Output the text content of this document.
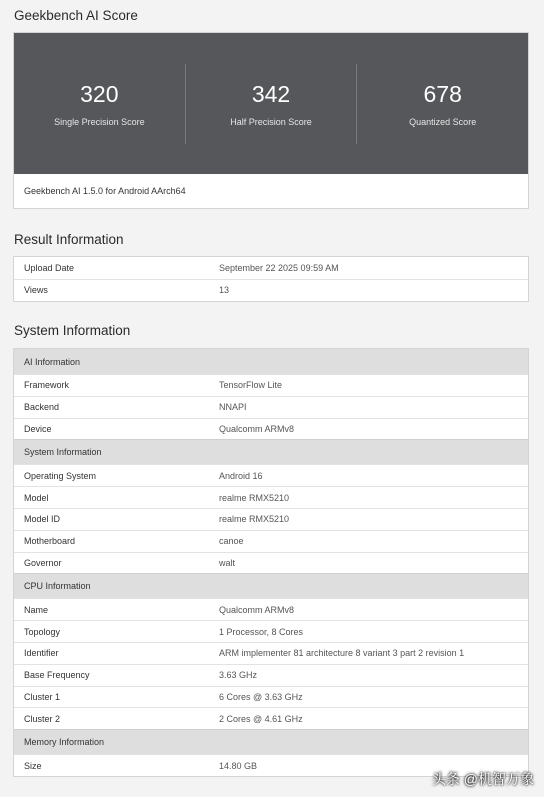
Geekbench AI Score
320
Single Precision Score
342
Half Precision Score
678
Quantized Score
Geekbench AI 1.5.0 for Android AArch64
Result Information
Upload Date	September 22 2025 09:59 AM
Views	13
System Information
AI Information
Framework	TensorFlow Lite
Backend	NNAPI
Device	Qualcomm ARMv8
System Information
Operating System	Android 16
Model	realme RMX5210
Model ID	realme RMX5210
Motherboard	canoe
Governor	walt
CPU Information
Name	Qualcomm ARMv8
Topology	1 Processor, 8 Cores
Identifier	ARM implementer 81 architecture 8 variant 3 part 2 revision 1
Base Frequency	3.63 GHz
Cluster 1	6 Cores @ 3.63 GHz
Cluster 2	2 Cores @ 4.61 GHz
Memory Information
Size	14.80 GB
头条 @机智万象
